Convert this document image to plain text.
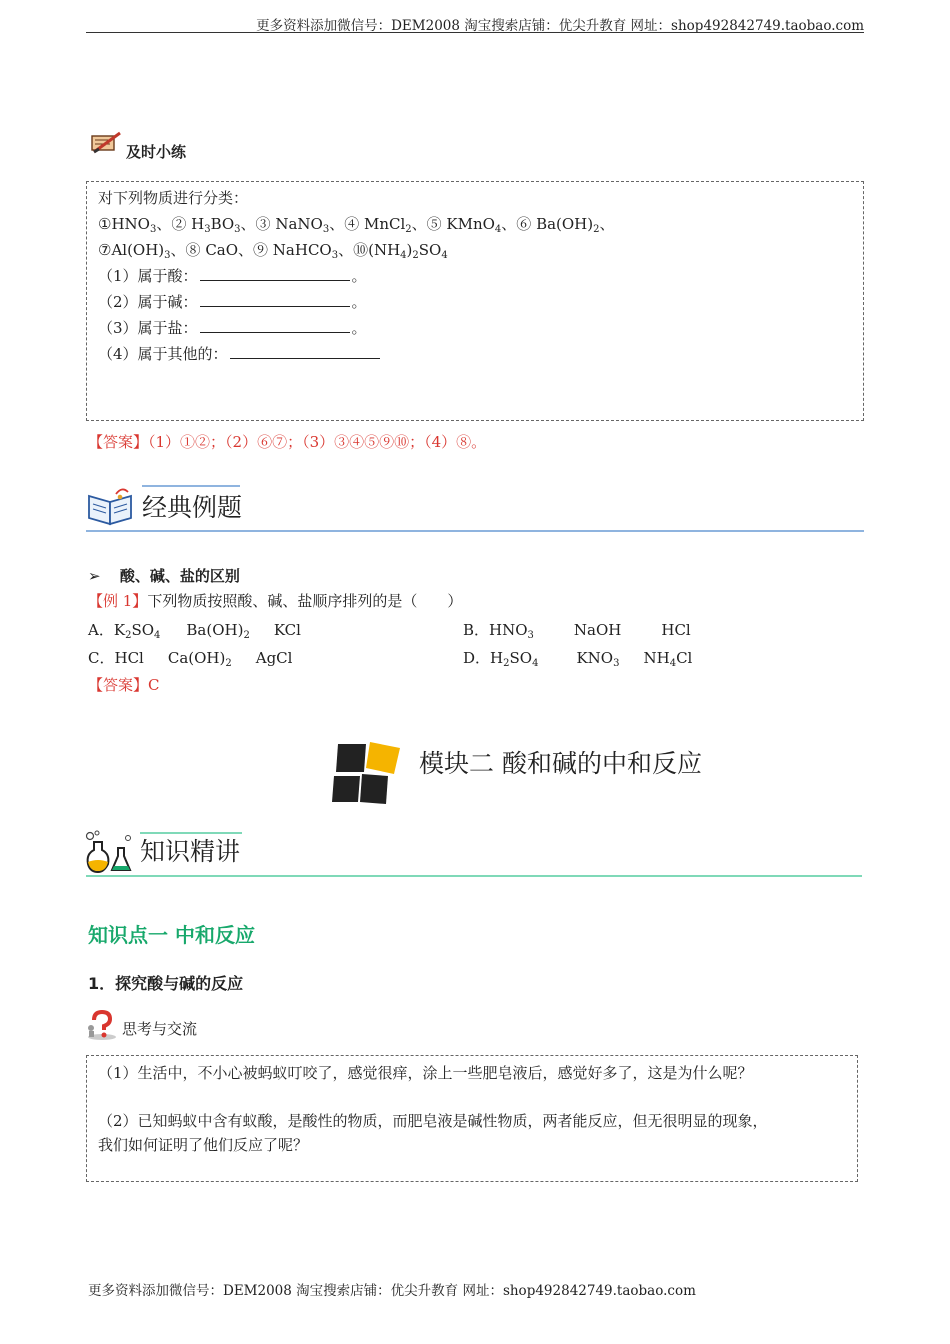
更多资料添加微信号：DEM2008 淘宝搜索店铺：优尖升教育 网址：shop492842749.taobao.com
更多资料添加微信号：DEM2008 淘宝搜索店铺：优尖升教育 网址：shop492842749.taobao.com
及时小练
对下列物质进行分类：
$①HNO_3$、② $H_3BO_3$、③ NaNO$_3$、④ MnCl$_2$、⑤ KMnO$_4$、⑥ $Ba(OH)_2$、
$⑦Al(OH)_3$、⑧ CaO、⑨ NaHCO$_3$、$⑩(NH_4)_2SO_4$
（1）属于酸：	。
（2）属于碱：	。
（3）属于盐：	。
（4）属于其他的：
【答案】（1）①②；（2）⑥⑦；（3）③④⑤⑨⑩；（4）⑧。
经典例题
➢ 酸、碱、盐的区别
【例 1】下列物质按照酸、碱、盐顺序排列的是（　　）
A．$K_2SO_4$ $Ba(OH)_2$ KCl	B．$HNO_3$	NaOH	HCl
C．HCl $Ca(OH)_2$ AgCl	D．$H_2SO_4$	$KNO_3$ $NH_4Cl$
【答案】C
模块二 酸和碱的中和反应
知识精讲
知识点一 中和反应
1．探究酸与碱的反应
思考与交流
（1）生活中，不小心被蚂蚁叮咬了，感觉很痒，涂上一些肥皂液后，感觉好多了，这是为什么呢？
（2）已知蚂蚁中含有蚁酸，是酸性的物质，而肥皂液是碱性物质，两者能反应，但无很明显的现象，
我们如何证明了他们反应了呢？
